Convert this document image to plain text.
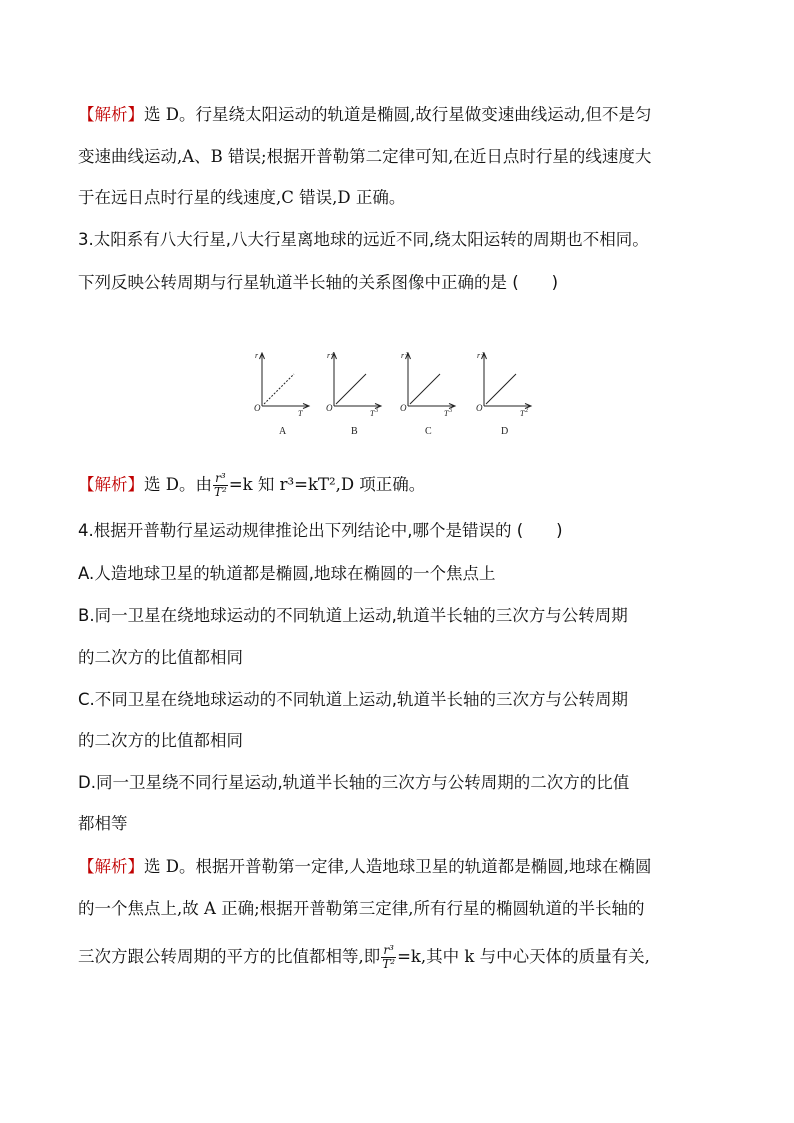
【解析】选 D。行星绕太阳运动的轨道是椭圆,故行星做变速曲线运动,但不是匀
变速曲线运动,A、B 错误;根据开普勒第二定律可知,在近日点时行星的线速度大
于在远日点时行星的线速度,C 错误,D 正确。
3.太阳系有八大行星,八大行星离地球的远近不同,绕太阳运转的周期也不相同。
下列反映公转周期与行星轨道半长轴的关系图像中正确的是 (　　)
O
r
T
A
O
r 2
T 3
B
O
r 3
T 3
C
O
r 3
T 2
D
【解析】选 D。由 $\frac{\text{r³}}{\text{T²}} =k$ 知 r³=kT²,D 项正确。
4.根据开普勒行星运动规律推论出下列结论中,哪个是错误的 (　　)
A.人造地球卫星的轨道都是椭圆,地球在椭圆的一个焦点上
B.同一卫星在绕地球运动的不同轨道上运动,轨道半长轴的三次方与公转周期
的二次方的比值都相同
C.不同卫星在绕地球运动的不同轨道上运动,轨道半长轴的三次方与公转周期
的二次方的比值都相同
D.同一卫星绕不同行星运动,轨道半长轴的三次方与公转周期的二次方的比值
都相等
【解析】选 D。根据开普勒第一定律,人造地球卫星的轨道都是椭圆,地球在椭圆
的一个焦点上,故 A 正确;根据开普勒第三定律,所有行星的椭圆轨道的半长轴的
三次方跟公转周期的平方的比值都相等,即 $\frac{\text{r³}}{\text{T²}} =k$,其中 k 与中心天体的质量有关,
